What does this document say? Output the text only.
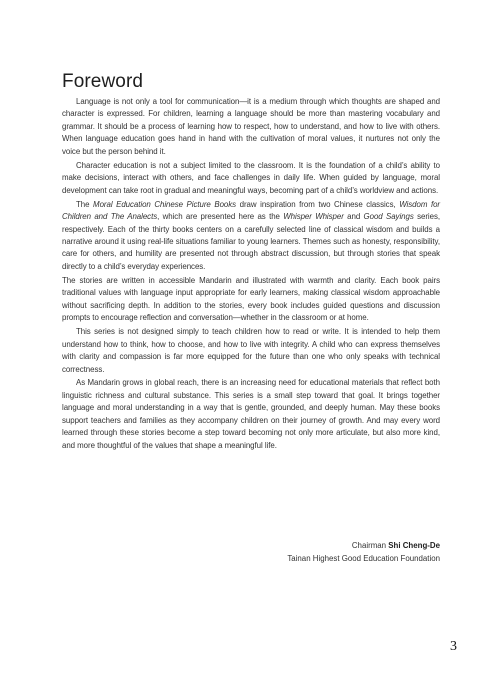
Foreword

Language is not only a tool for communication—it is a medium through which thoughts are shaped and character is expressed. For children, learning a language should be more than mastering vocabulary and grammar. It should be a process of learning how to respect, how to understand, and how to live with others. When language education goes hand in hand with the cultivation of moral values, it nurtures not only the voice but the person behind it.

Character education is not a subject limited to the classroom. It is the foundation of a child’s ability to make decisions, interact with others, and face challenges in daily life. When guided by language, moral development can take root in gradual and meaningful ways, becoming part of a child’s worldview and actions.

The Moral Education Chinese Picture Books draw inspiration from two Chinese classics, Wisdom for Children and The Analects, which are presented here as the Whisper Whisper and Good Sayings series, respectively. Each of the thirty books centers on a carefully selected line of classical wisdom and builds a narrative around it using real-life situations familiar to young learners. Themes such as honesty, responsibility, care for others, and humility are presented not through abstract discussion, but through stories that speak directly to a child’s everyday experiences.

The stories are written in accessible Mandarin and illustrated with warmth and clarity. Each book pairs traditional values with language input appropriate for early learners, making classical wisdom approachable without sacrificing depth. In addition to the stories, every book includes guided questions and discussion prompts to encourage reflection and conversation—whether in the classroom or at home.

This series is not designed simply to teach children how to read or write. It is intended to help them understand how to think, how to choose, and how to live with integrity. A child who can express themselves with clarity and compassion is far more equipped for the future than one who only speaks with technical correctness.

As Mandarin grows in global reach, there is an increasing need for educational materials that reflect both linguistic richness and cultural substance. This series is a small step toward that goal. It brings together language and moral understanding in a way that is gentle, grounded, and deeply human. May these books support teachers and families as they accompany children on their journey of growth. And may every word learned through these stories become a step toward becoming not only more articulate, but also more kind, and more thoughtful of the values that shape a meaningful life.

Chairman Shi Cheng-De
Tainan Highest Good Education Foundation
3
